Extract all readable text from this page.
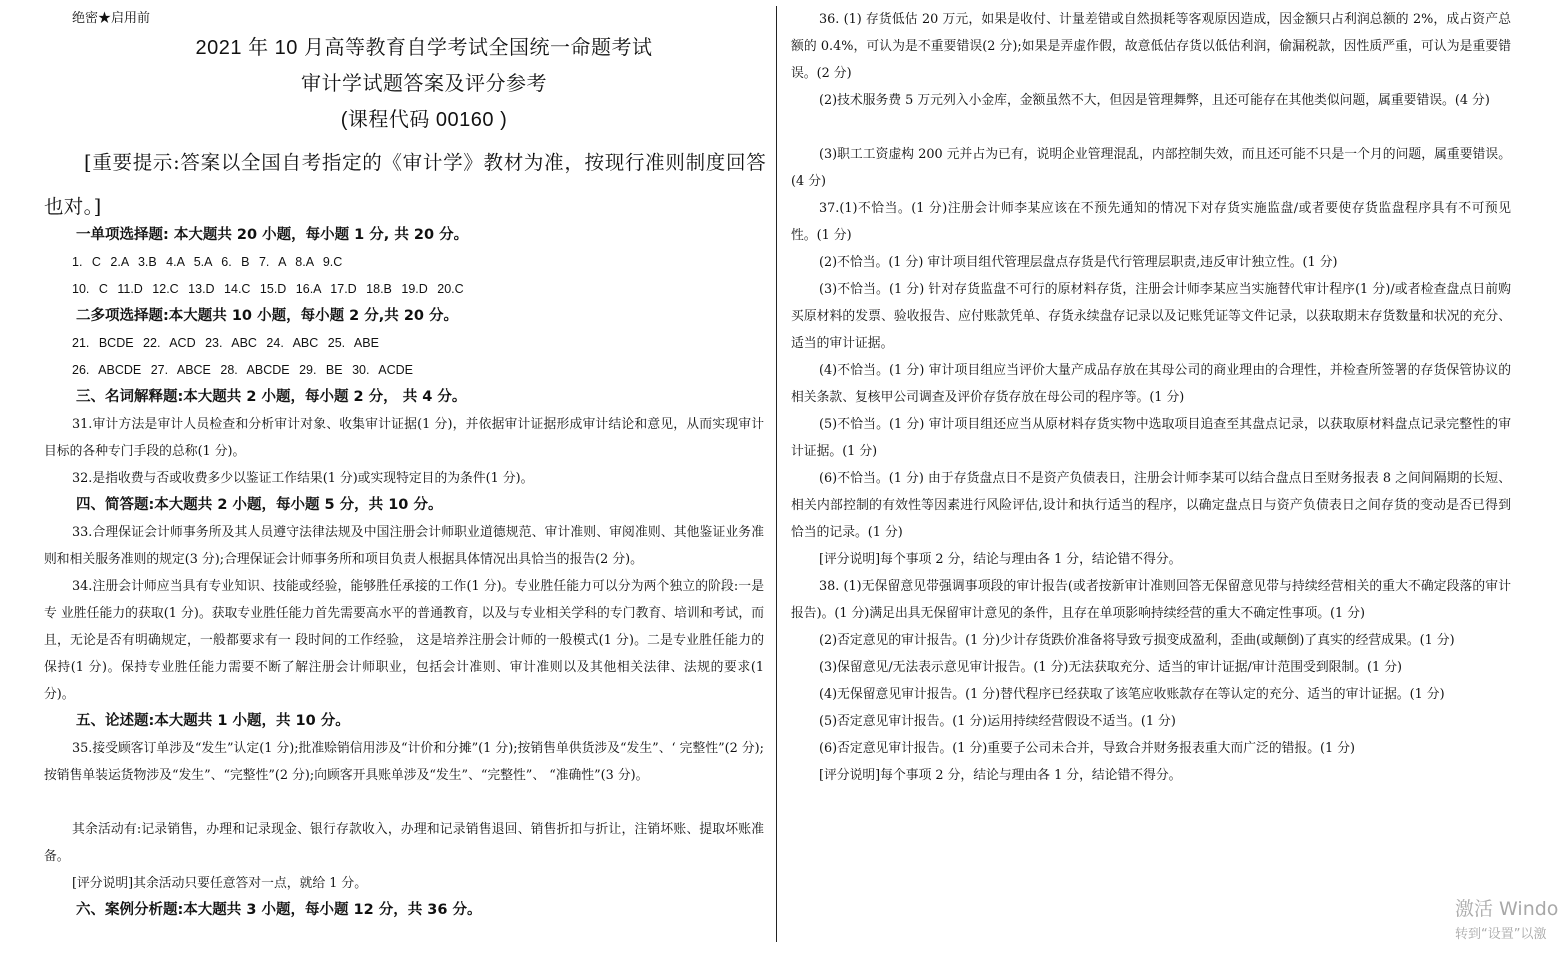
绝密★启用前
2021 年 10 月高等教育自学考试全国统一命题考试
审计学试题答案及评分参考
(课程代码 00160 )
[重要提示:答案以全国自考指定的《审计学》教材为准，按现行准则制度回答也对。]
一单项选择题: 本大题共 20 小题，每小题 1 分, 共 20 分。
1. C 2.A 3.B 4.A 5.A 6. B 7. A 8.A 9.C
10. C 11.D 12.C 13.D 14.C 15.D 16.A 17.D 18.B 19.D 20.C
二多项选择题:本大题共 10 小题，每小题 2 分,共 20 分。
21. BCDE 22. ACD 23. ABC 24. ABC 25. ABE
26. ABCDE 27. ABCE 28. ABCDE 29. BE 30. ACDE
三、名词解释题:本大题共 2 小题，每小题 2 分， 共 4 分。
31.审计方法是审计人员检查和分析审计对象、收集审计证据(1 分)，并依据审计证据形成审计结论和意见，从而实现审计目标的各种专门手段的总称(1 分)。
32.是指收费与否或收费多少以鉴证工作结果(1 分)或实现特定目的为条件(1 分)。
四、简答题:本大题共 2 小题，每小题 5 分，共 10 分。
33.合理保证会计师事务所及其人员遵守法律法规及中国注册会计师职业道德规范、审计准则、审阅准则、其他鉴证业务准则和相关服务准则的规定(3 分);合理保证会计师事务所和项目负责人根据具体情况出具恰当的报告(2 分)。
34.注册会计师应当具有专业知识、技能或经验，能够胜任承接的工作(1 分)。专业胜任能力可以分为两个独立的阶段:一是专 业胜任能力的获取(1 分)。获取专业胜任能力首先需要高水平的普通教育，以及与专业相关学科的专门教育、培训和考试，而且，无论是否有明确规定，一般都要求有一 段时间的工作经验， 这是培养注册会计师的一般模式(1 分)。二是专业胜任能力的保持(1 分)。保持专业胜任能力需要不断了解注册会计师职业，包括会计准则、审计准则以及其他相关法律、法规的要求(1 分)。
五、论述题:本大题共 1 小题，共 10 分。
35.接受顾客订单涉及“发生”认定(1 分);批准赊销信用涉及“计价和分摊”(1 分);按销售单供货涉及“发生”、‘ 完整性”(2 分);按销售单装运货物涉及“发生”、“完整性”(2 分);向顾客开具账单涉及“发生”、“完整性”、 “准确性”(3 分)。
其余活动有:记录销售，办理和记录现金、银行存款收入，办理和记录销售退回、销售折扣与折让，注销坏账、提取坏账准备。
[评分说明]其余活动只要任意答对一点，就给 1 分。
六、案例分析题:本大题共 3 小题，每小题 12 分，共 36 分。
36. (1) 存货低估 20 万元，如果是收付、计量差错或自然损耗等客观原因造成，因金额只占利润总额的 2%，成占资产总额的 0.4%，可认为是不重要错误(2 分);如果是弄虚作假，故意低估存货以低估利润，偷漏税款，因性质严重，可认为是重要错误。(2 分)
(2)技术服务费 5 万元列入小金库，金额虽然不大，但因是管理舞弊，且还可能存在其他类似问题，属重要错误。(4 分)
(3)职工工资虚构 200 元并占为已有，说明企业管理混乱，内部控制失效，而且还可能不只是一个月的问题，属重要错误。(4 分)
37.(1)不恰当。(1 分)注册会计师李某应该在不预先通知的情况下对存货实施监盘/或者要使存货监盘程序具有不可预见性。(1 分)
(2)不恰当。(1 分) 审计项目组代管理层盘点存货是代行管理层职责,违反审计独立性。(1 分)
(3)不恰当。(1 分) 针对存货监盘不可行的原材料存货，注册会计师李某应当实施替代审计程序(1 分)/或者检查盘点日前购买原材料的发票、验收报告、应付账款凭单、存货永续盘存记录以及记账凭证等文件记录，以获取期末存货数量和状况的充分、适当的审计证据。
(4)不恰当。(1 分) 审计项目组应当评价大量产成品存放在其母公司的商业理由的合理性，并检查所签署的存货保管协议的相关条款、复核甲公司调查及评价存货存放在母公司的程序等。(1 分)
(5)不恰当。(1 分) 审计项目组还应当从原材料存货实物中选取项目追查至其盘点记录，以获取原材料盘点记录完整性的审计证据。(1 分)
(6)不恰当。(1 分) 由于存货盘点日不是资产负债表日，注册会计师李某可以结合盘点日至财务报表 8 之间间隔期的长短、相关内部控制的有效性等因素进行风险评估,设计和执行适当的程序，以确定盘点日与资产负债表日之间存货的变动是否已得到恰当的记录。(1 分)
[评分说明]每个事项 2 分，结论与理由各 1 分，结论错不得分。
38. (1)无保留意见带强调事项段的审计报告(或者按新审计准则回答无保留意见带与持续经营相关的重大不确定段落的审计报告)。(1 分)满足出具无保留审计意见的条件，且存在单项影响持续经营的重大不确定性事项。(1 分)
(2)否定意见的审计报告。(1 分)少计存货跌价准备将导致亏损变成盈利，歪曲(或颠倒)了真实的经营成果。(1 分)
(3)保留意见/无法表示意见审计报告。(1 分)无法获取充分、适当的审计证据/审计范围受到限制。(1 分)
(4)无保留意见审计报告。(1 分)替代程序已经获取了该笔应收账款存在等认定的充分、适当的审计证据。(1 分)
(5)否定意见审计报告。(1 分)运用持续经营假设不适当。(1 分)
(6)否定意见审计报告。(1 分)重要子公司未合并，导致合并财务报表重大而广泛的错报。(1 分)
[评分说明]每个事项 2 分，结论与理由各 1 分，结论错不得分。
激活 Windo
转到“设置”以激
